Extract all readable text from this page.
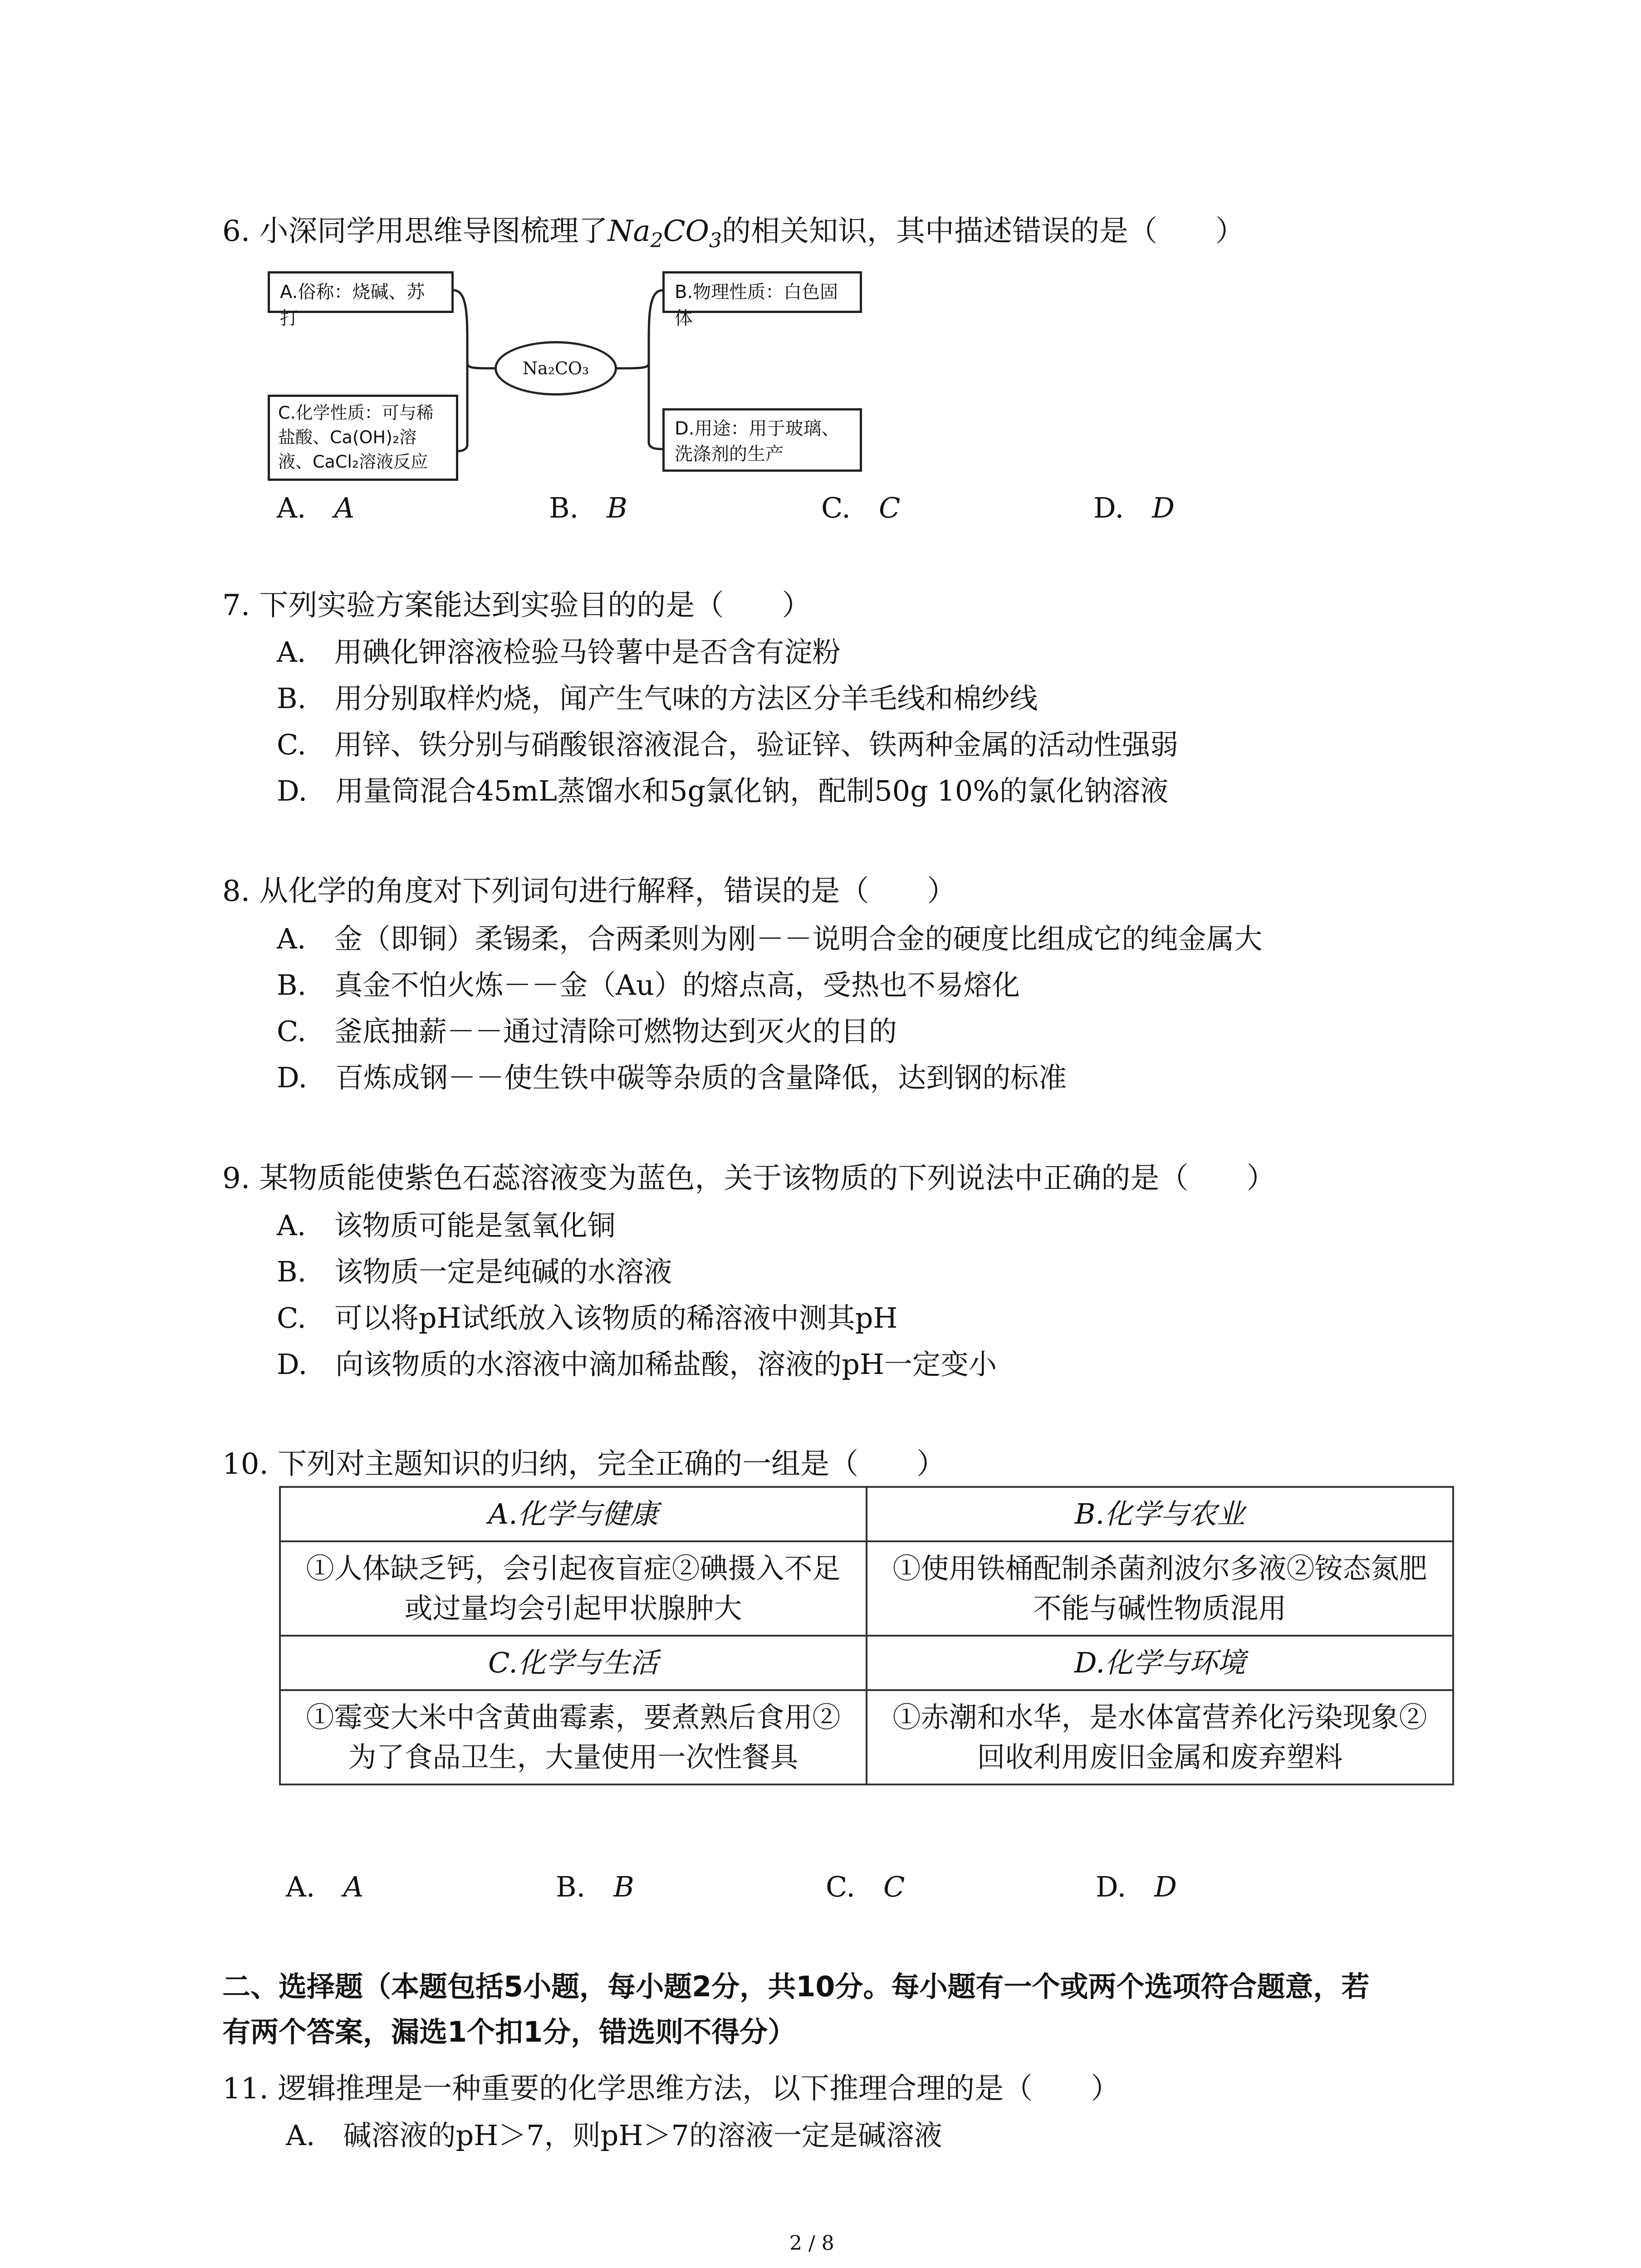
6. 小深同学用思维导图梳理了$Na_2CO_3$的相关知识，其中描述错误的是（　　）
A.俗称：烧碱、苏打
B.物理性质：白色固体
C.化学性质：可与稀盐酸、Ca(OH)₂溶液、CaCl₂溶液反应
D.用途：用于玻璃、洗涤剂的生产
Na₂CO₃
A.　 A	B.　 B	C.　 C	D.　 D
7. 下列实验方案能达到实验目的的是（　　）
A.　用碘化钾溶液检验马铃薯中是否含有淀粉
B.　用分别取样灼烧，闻产生气味的方法区分羊毛线和棉纱线
C.　用锌、铁分别与硝酸银溶液混合，验证锌、铁两种金属的活动性强弱
D.　用量筒混合45mL蒸馏水和5g氯化钠，配制50g 10%的氯化钠溶液
8. 从化学的角度对下列词句进行解释，错误的是（　　）
A.　金（即铜）柔锡柔，合两柔则为刚－－说明合金的硬度比组成它的纯金属大
B.　真金不怕火炼－－金（Au）的熔点高，受热也不易熔化
C.　釜底抽薪－－通过清除可燃物达到灭火的目的
D.　百炼成钢－－使生铁中碳等杂质的含量降低，达到钢的标准
9. 某物质能使紫色石蕊溶液变为蓝色，关于该物质的下列说法中正确的是（　　）
A.　该物质可能是氢氧化铜
B.　该物质一定是纯碱的水溶液
C.　可以将pH试纸放入该物质的稀溶液中测其pH
D.　向该物质的水溶液中滴加稀盐酸，溶液的pH一定变小
10. 下列对主题知识的归纳，完全正确的一组是（　　）
A.化学与健康	B.化学与农业
①人体缺乏钙，会引起夜盲症②碘摄入不足或过量均会引起甲状腺肿大	①使用铁桶配制杀菌剂波尔多液②铵态氮肥不能与碱性物质混用
C.化学与生活	D.化学与环境
①霉变大米中含黄曲霉素，要煮熟后食用②为了食品卫生，大量使用一次性餐具	①赤潮和水华，是水体富营养化污染现象②回收利用废旧金属和废弃塑料
A.　 A	B.　 B	C.　 C	D.　 D
二、选择题（本题包括5小题，每小题2分，共10分。每小题有一个或两个选项符合题意，若
有两个答案，漏选1个扣1分，错选则不得分）
11. 逻辑推理是一种重要的化学思维方法，以下推理合理的是（　　）
A.　碱溶液的pH＞7，则pH＞7的溶液一定是碱溶液
2 / 8
